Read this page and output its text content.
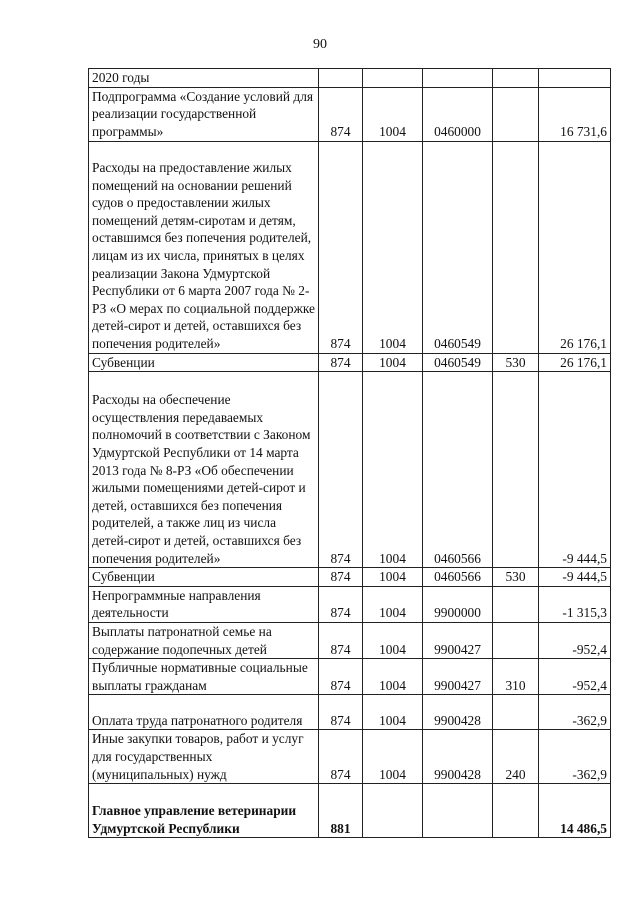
90
2020 годы					
Подпрограмма «Создание условий для реализации государственной программы»	874	1004	0460000		16 731,6
Расходы на предоставление жилых помещений на основании решений судов о предоставлении жилых помещений детям-сиротам и детям, оставшимся без попечения родителей, лицам из их числа, принятых в целях реализации Закона Удмуртской Республики от 6 марта 2007 года № 2-РЗ «О мерах по социальной поддержке детей-сирот и детей, оставшихся без попечения родителей»	874	1004	0460549		26 176,1
Субвенции	874	1004	0460549	530	26 176,1
Расходы на обеспечение осуществления передаваемых полномочий в соответствии с Законом Удмуртской Республики от 14 марта 2013 года № 8-РЗ «Об обеспечении жилыми помещениями детей-сирот и детей, оставшихся без попечения родителей, а также лиц из числа детей-сирот и детей, оставшихся без попечения родителей»	874	1004	0460566		-9 444,5
Субвенции	874	1004	0460566	530	-9 444,5
Непрограммные направления деятельности	874	1004	9900000		-1 315,3
Выплаты патронатной семье на содержание подопечных детей	874	1004	9900427		-952,4
Публичные нормативные социальные выплаты гражданам	874	1004	9900427	310	-952,4
Оплата труда патронатного родителя	874	1004	9900428		-362,9
Иные закупки товаров, работ и услуг для государственных (муниципальных) нужд	874	1004	9900428	240	-362,9
Главное управление ветеринарии Удмуртской Республики	881				14 486,5
